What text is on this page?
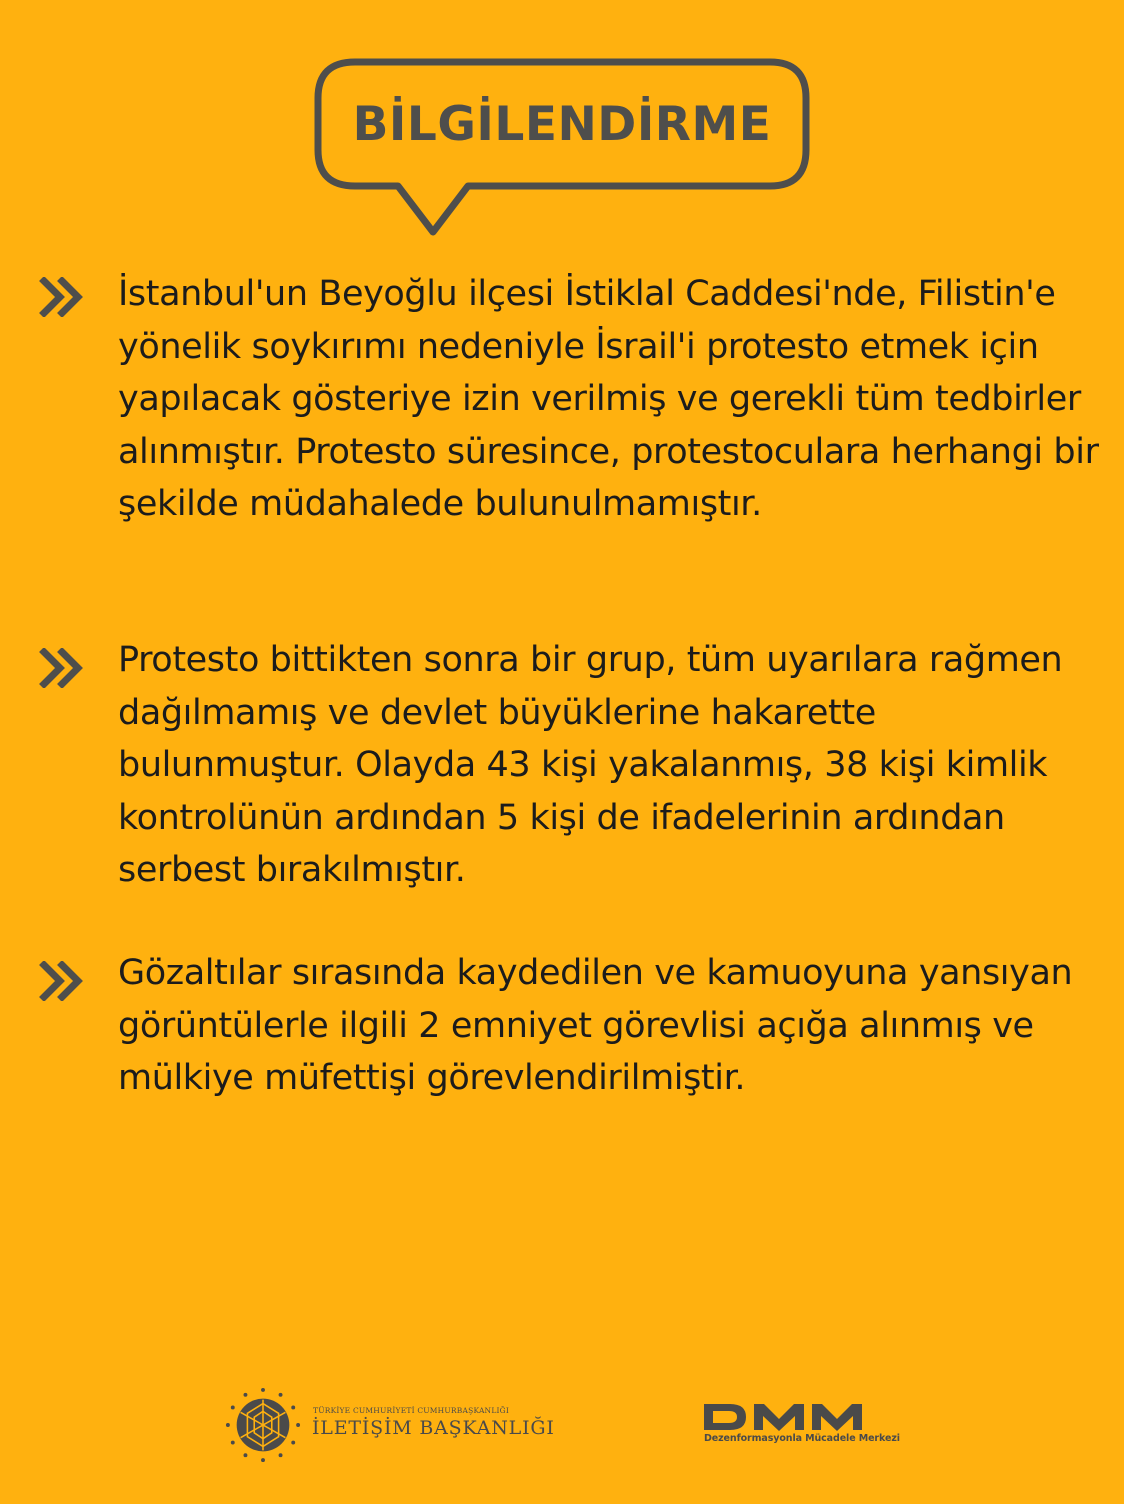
BİLGİLENDİRME

İstanbul'un Beyoğlu ilçesi İstiklal Caddesi'nde, Filistin'e yönelik soykırımı nedeniyle İsrail'i protesto etmek için yapılacak gösteriye izin verilmiş ve gerekli tüm tedbirler alınmıştır. Protesto süresince, protestoculara herhangi bir şekilde müdahalede bulunulmamıştır.

Protesto bittikten sonra bir grup, tüm uyarılara rağmen dağılmamış ve devlet büyüklerine hakarette bulunmuştur. Olayda 43 kişi yakalanmış, 38 kişi kimlik kontrolünün ardından 5 kişi de ifadelerinin ardından serbest bırakılmıştır.

Gözaltılar sırasında kaydedilen ve kamuoyuna yansıyan görüntülerle ilgili 2 emniyet görevlisi açığa alınmış ve mülkiye müfettişi görevlendirilmiştir.

TÜRKİYE CUMHURİYETİ CUMHURBAŞKANLIĞI
İLETİŞİM BAŞKANLIĞI	Dezenformasyonla Mücadele Merkezi
